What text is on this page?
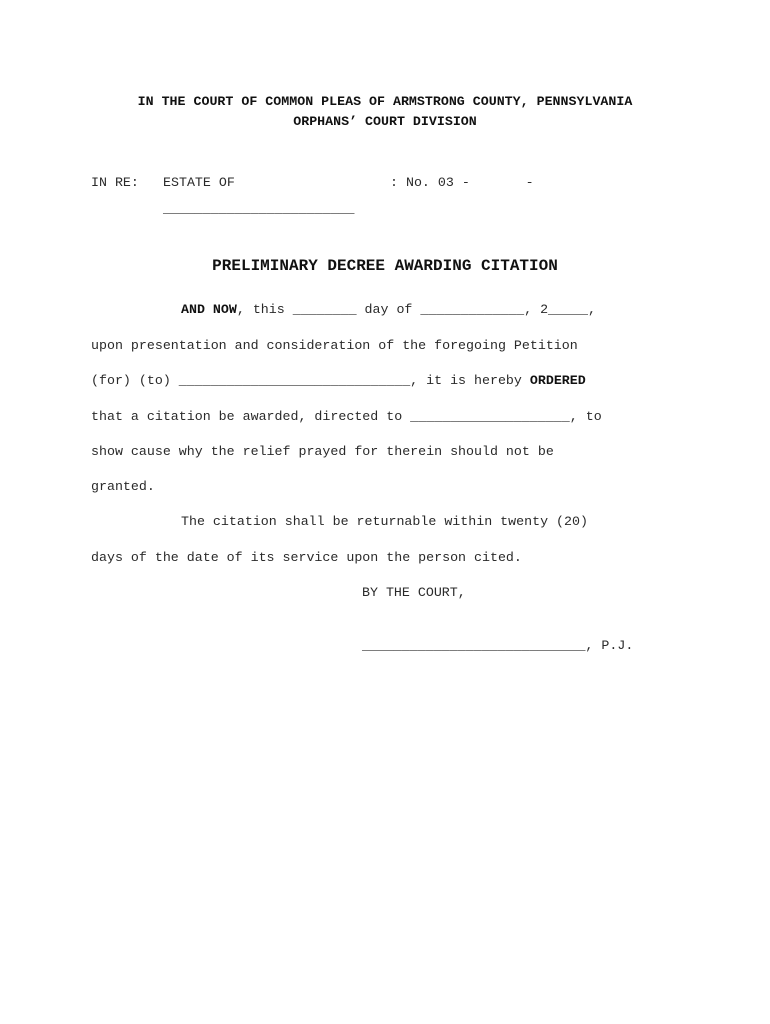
IN THE COURT OF COMMON PLEAS OF ARMSTRONG COUNTY, PENNSYLVANIA
ORPHANS’ COURT DIVISION
IN RE: ESTATE OF	: No. 03 -       -
________________________
PRELIMINARY DECREE AWARDING CITATION
AND NOW, this ________ day of _____________, 2_____,
upon presentation and consideration of the foregoing Petition
(for) (to) _____________________________, it is hereby ORDERED
that a citation be awarded, directed to ____________________, to
show cause why the relief prayed for therein should not be
granted.
The citation shall be returnable within twenty (20)
days of the date of its service upon the person cited.
BY THE COURT,
____________________________, P.J.
